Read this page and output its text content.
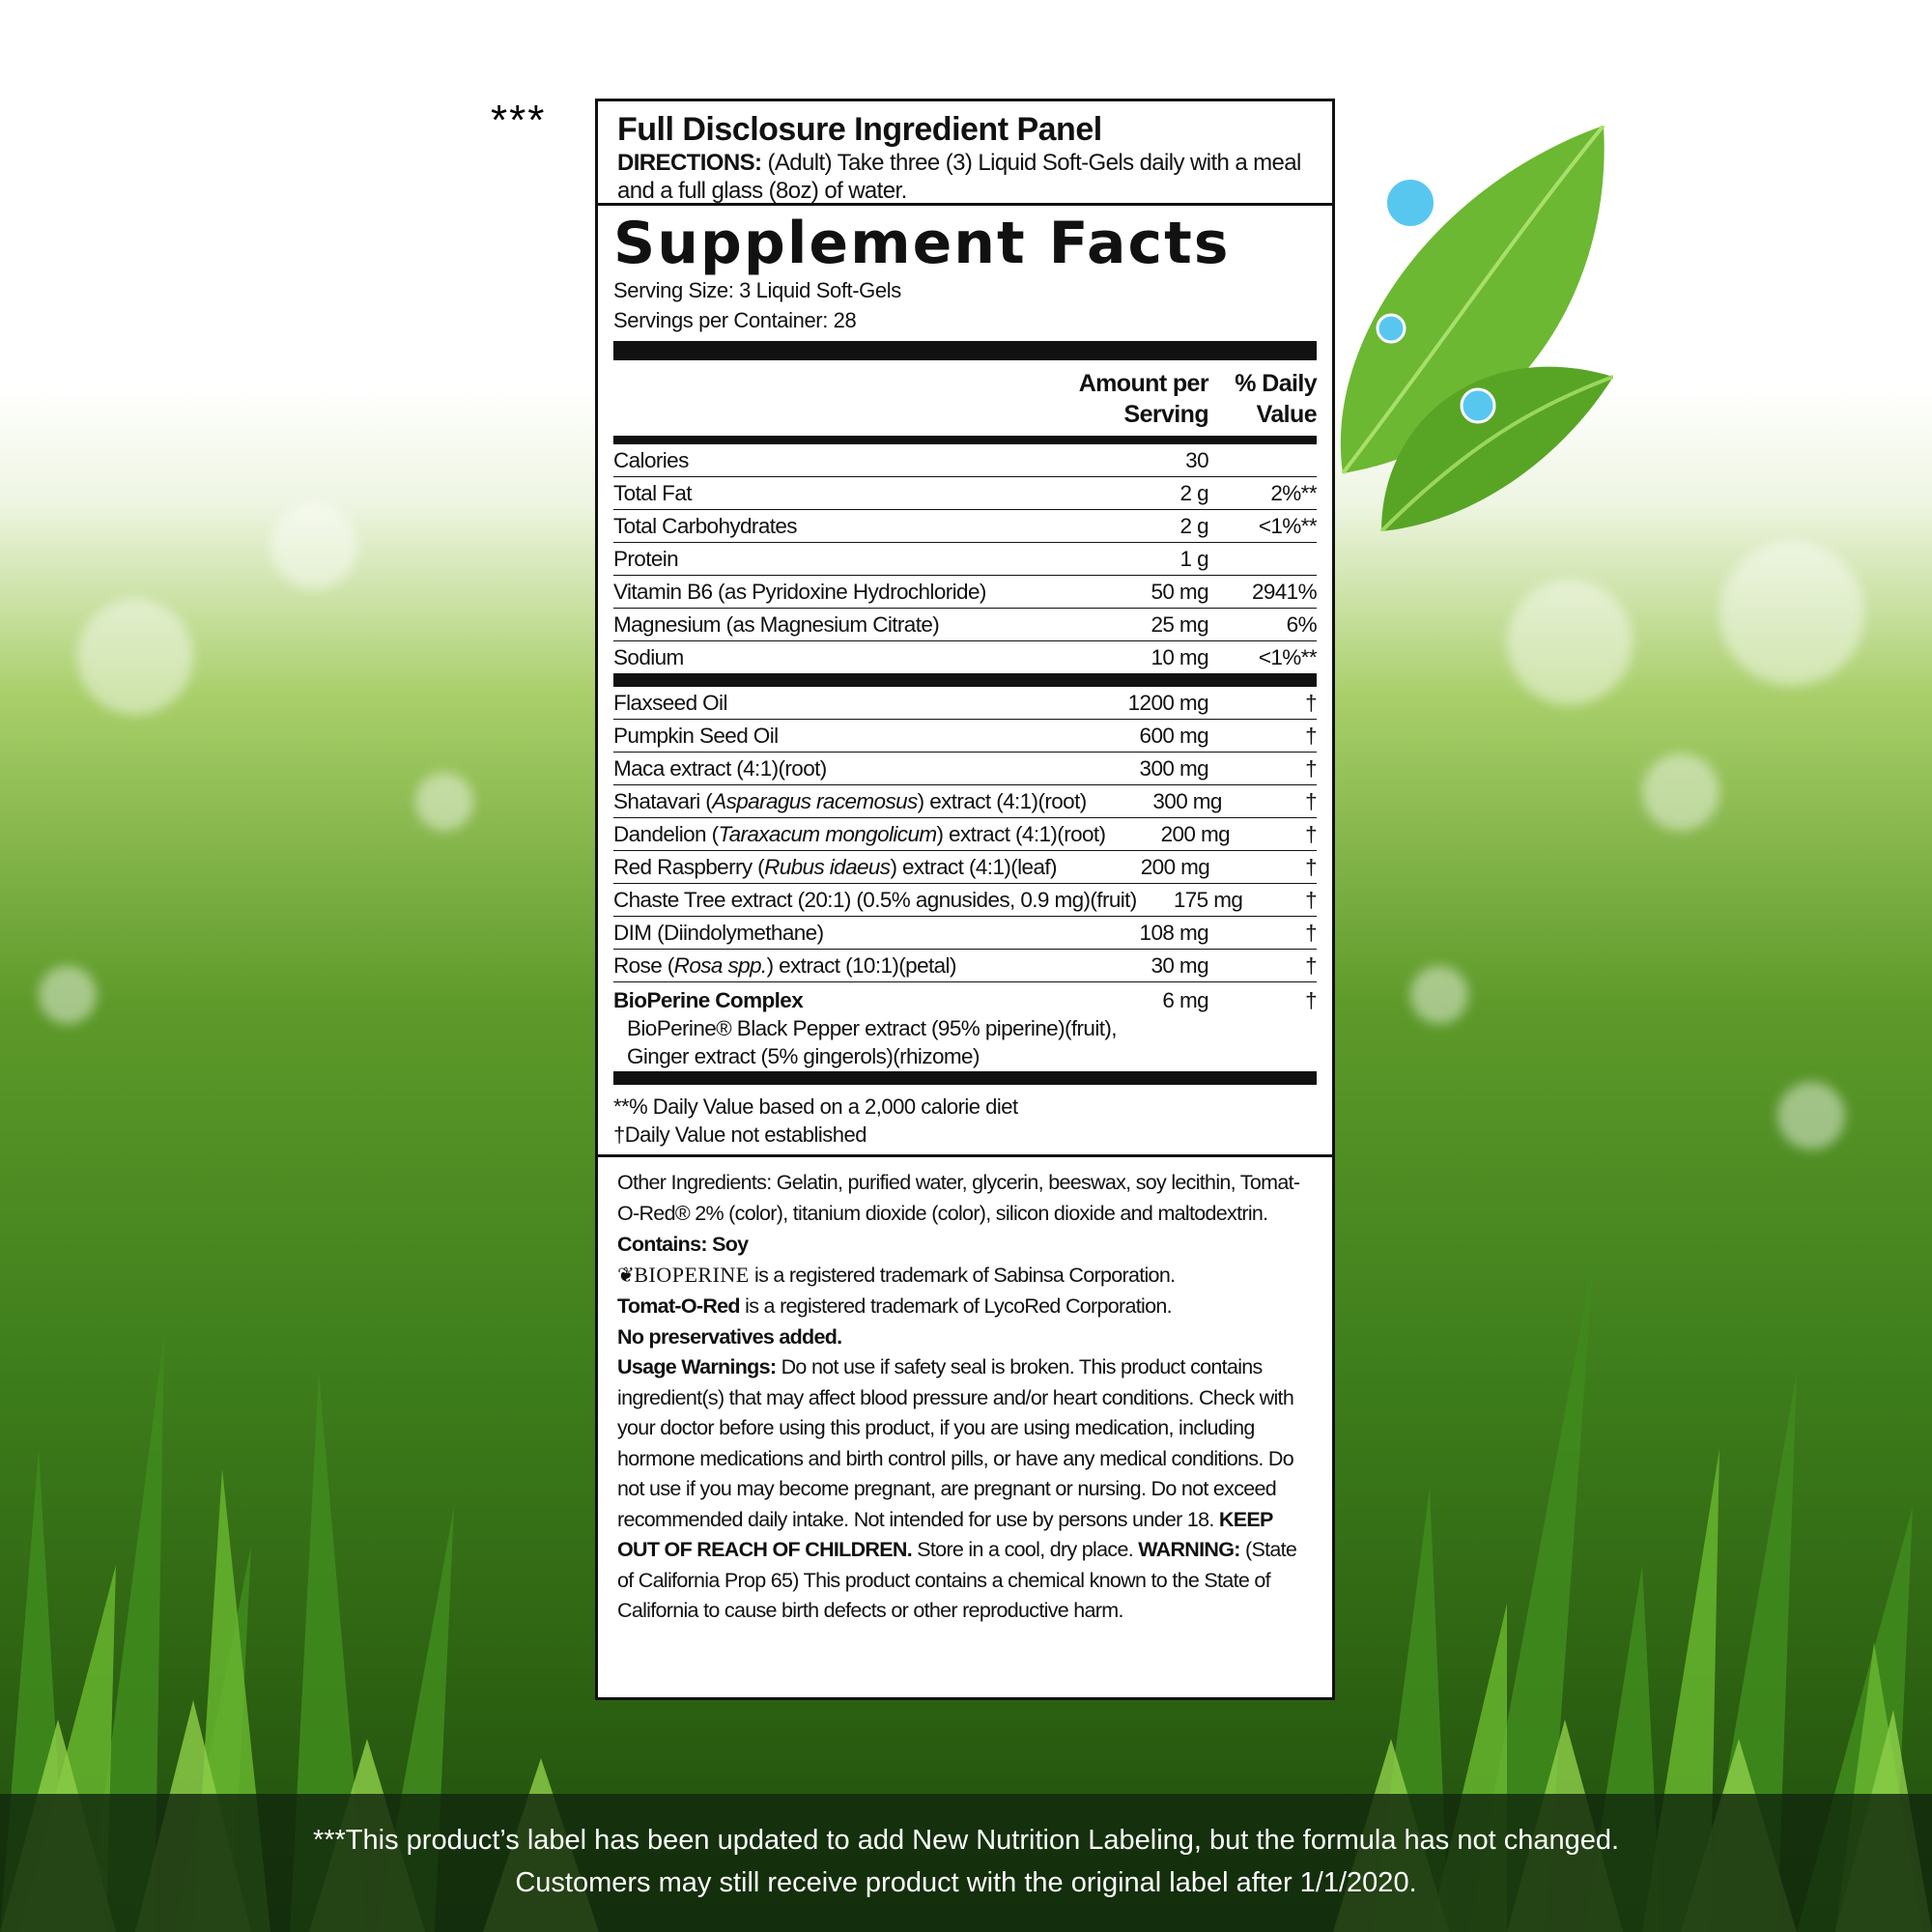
*** Full Disclosure Ingredient Panel
DIRECTIONS: (Adult) Take three (3) Liquid Soft-Gels daily with a meal and a full glass (8oz) of water.
Supplement Facts
Serving Size: 3 Liquid Soft-Gels
Servings per Container: 28
Amount per
Serving
% Daily
Value
Calories	30
Total Fat	2 g	2%**
Total Carbohydrates	2 g	<1%**
Protein	1 g
Vitamin B6 (as Pyridoxine Hydrochloride)	50 mg	2941%
Magnesium (as Magnesium Citrate)	25 mg	6%
Sodium	10 mg	<1%**
Flaxseed Oil	1200 mg	†
Pumpkin Seed Oil	600 mg	†
Maca extract (4:1)(root)	300 mg	†
Shatavari (Asparagus racemosus) extract (4:1)(root)	300 mg	†
Dandelion (Taraxacum mongolicum) extract (4:1)(root)	200 mg	†
Red Raspberry (Rubus idaeus) extract (4:1)(leaf)	200 mg	†
Chaste Tree extract (20:1) (0.5% agnusides, 0.9 mg)(fruit)	175 mg	†
DIM (Diindolymethane)	108 mg	†
Rose (Rosa spp.) extract (10:1)(petal)	30 mg	†
BioPerine Complex	6 mg	†
BioPerine® Black Pepper extract (95% piperine)(fruit),
Ginger extract (5% gingerols)(rhizome)
**% Daily Value based on a 2,000 calorie diet
†Daily Value not established

Other Ingredients: Gelatin, purified water, glycerin, beeswax, soy lecithin, Tomat-O-Red® 2% (color), titanium dioxide (color), silicon dioxide and maltodextrin.

Contains: Soy

❦BIOPERINE is a registered trademark of Sabinsa Corporation.

Tomat-O-Red is a registered trademark of LycoRed Corporation.

No preservatives added.

Usage Warnings: Do not use if safety seal is broken. This product contains ingredient(s) that may affect blood pressure and/or heart conditions. Check with your doctor before using this product, if you are using medication, including hormone medications and birth control pills, or have any medical conditions. Do not use if you may become pregnant, are pregnant or nursing. Do not exceed recommended daily intake. Not intended for use by persons under 18. KEEP OUT OF REACH OF CHILDREN. Store in a cool, dry place. WARNING: (State of California Prop 65) This product contains a chemical known to the State of California to cause birth defects or other reproductive harm.

***This product’s label has been updated to add New Nutrition Labeling, but the formula has not changed.
Customers may still receive product with the original label after 1/1/2020.
